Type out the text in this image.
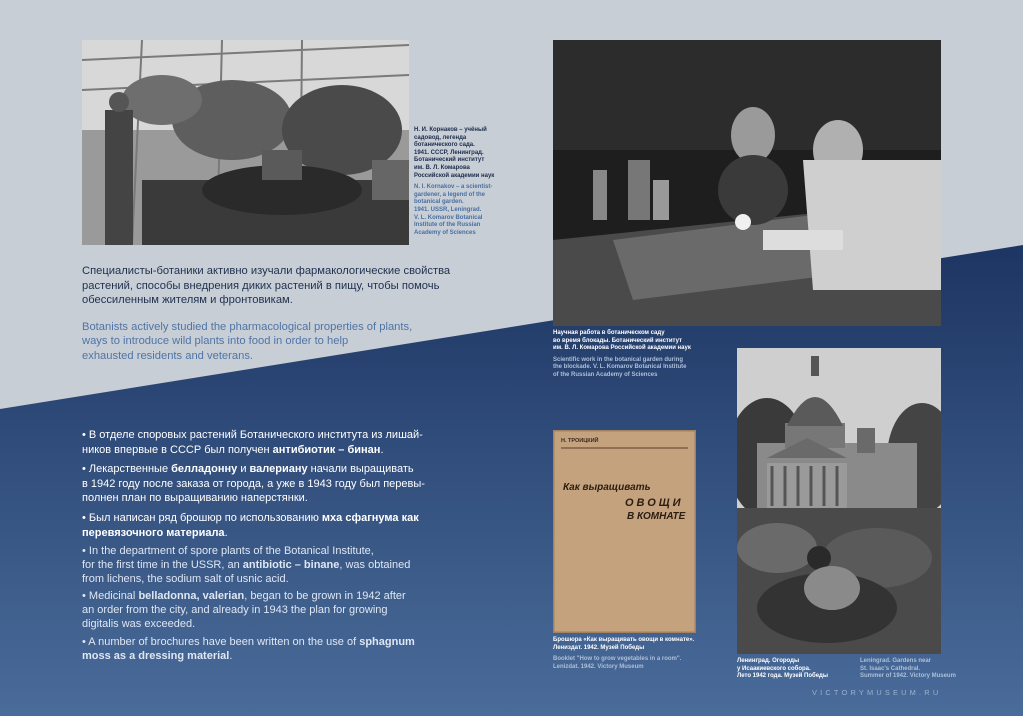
Н. И. Корнаков – учёный
садовод, легенда
ботанического сада.
1941. СССР, Ленинград.
Ботанический институт
им. В. Л. Комарова
Российской академии наук
N. I. Kornakov – a scientist-
gardener, a legend of the
botanical garden.
1941. USSR, Leningrad.
V. L. Komarov Botanical
Institute of the Russian
Academy of Sciences
Научная работа в ботаническом саду
во время блокады. Ботанический институт
им. В. Л. Комарова Российской академии наук
Scientific work in the botanical garden during
the blockade. V. L. Komarov Botanical Institute
of the Russian Academy of Sciences
Н. ТРОИЦКИЙ
Как выращивать
ОВОЩИ
В КОМНАТЕ
Брошюра «Как выращивать овощи в комнате».
Лениздат. 1942. Музей Победы
Booklet "How to grow vegetables in a room".
Lenizdat. 1942. Victory Museum
Ленинград. Огороды
у Исаакиевского собора.
Лето 1942 года. Музей Победы
Leningrad. Gardens near
St. Isaac's Cathedral.
Summer of 1942. Victory Museum
Специалисты-ботаники активно изучали фармакологические свойства
растений, способы внедрения диких растений в пищу, чтобы помочь
обессиленным жителям и фронтовикам.
Botanists actively studied the pharmacological properties of plants,
ways to introduce wild plants into food in order to help
exhausted residents and veterans.
• В отделе споровых растений Ботанического института из лишай-
ников впервые в СССР был получен антибиотик – бинан.
• Лекарственные белладонну и валериану начали выращивать
в 1942 году после заказа от города, а уже в 1943 году был перевы-
полнен план по выращиванию наперстянки.
• Был написан ряд брошюр по использованию мха сфагнума как
перевязочного материала.
• In the department of spore plants of the Botanical Institute,
for the first time in the USSR, an antibiotic – binane, was obtained
from lichens, the sodium salt of usnic acid.
• Medicinal belladonna, valerian, began to be grown in 1942 after
an order from the city, and already in 1943 the plan for growing
digitalis was exceeded.
• A number of brochures have been written on the use of sphagnum
moss as a dressing material.
VICTORYMUSEUM.RU
